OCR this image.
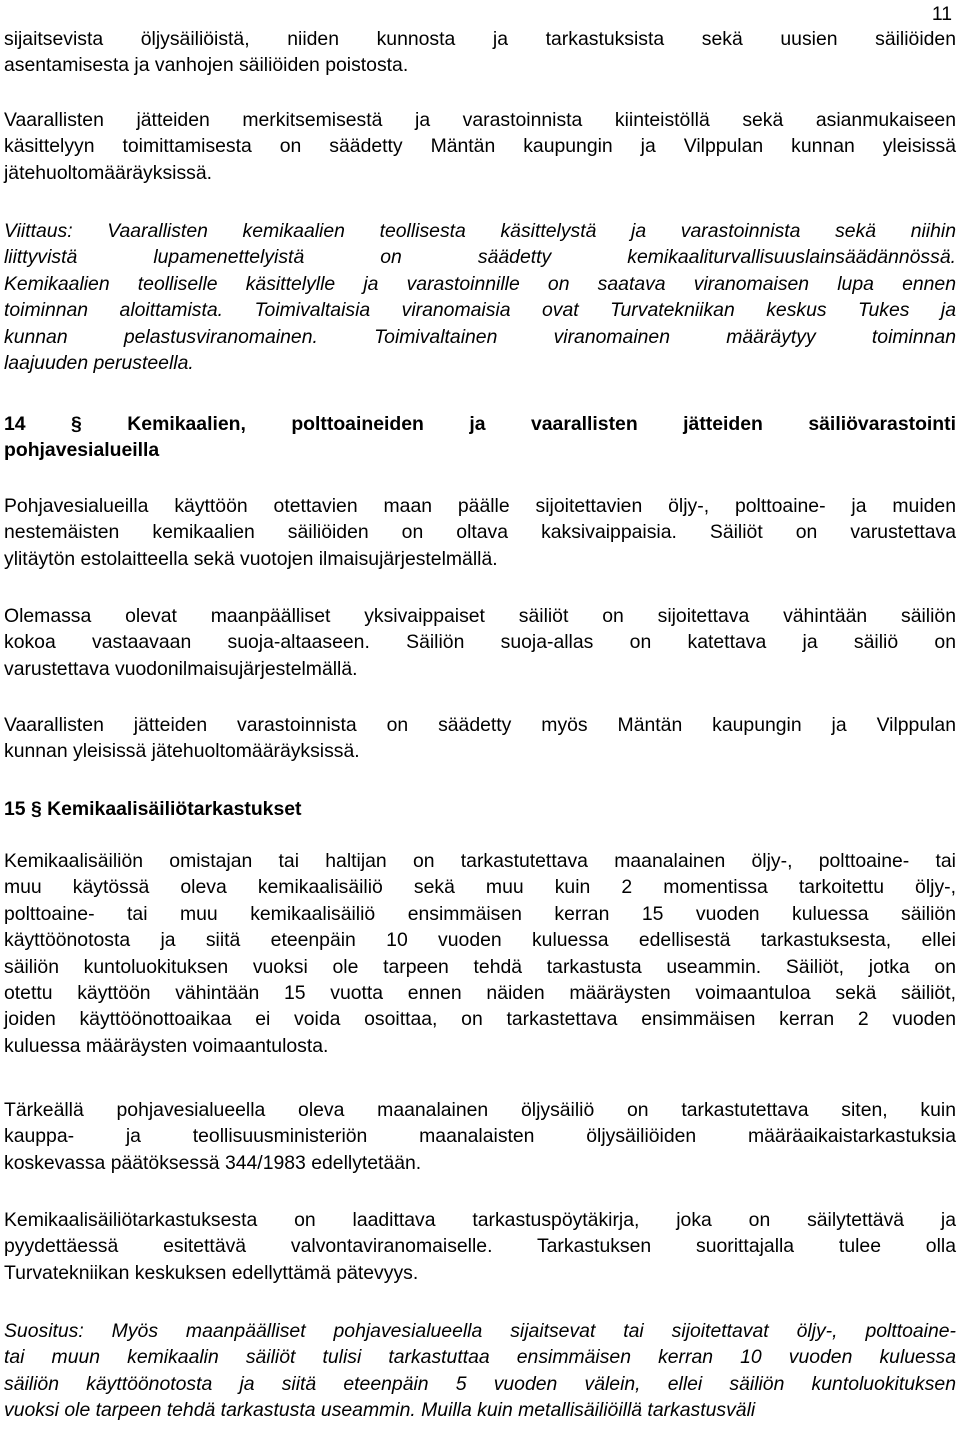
11
sijaitsevista öljysäiliöistä, niiden kunnosta ja tarkastuksista sekä uusien säiliöiden
asentamisesta ja vanhojen säiliöiden poistosta.
Vaarallisten jätteiden merkitsemisestä ja varastoinnista kiinteistöllä sekä asianmukaiseen
käsittelyyn toimittamisesta on säädetty Mäntän kaupungin ja Vilppulan kunnan yleisissä
jätehuoltomääräyksissä.
Viittaus: Vaarallisten kemikaalien teollisesta käsittelystä ja varastoinnista sekä niihin
liittyvistä lupamenettelyistä on säädetty kemikaaliturvallisuuslainsäädännössä.
Kemikaalien teolliselle käsittelylle ja varastoinnille on saatava viranomaisen lupa ennen
toiminnan aloittamista. Toimivaltaisia viranomaisia ovat Turvatekniikan keskus Tukes ja
kunnan pelastusviranomainen. Toimivaltainen viranomainen määräytyy toiminnan
laajuuden perusteella.
14 § Kemikaalien, polttoaineiden ja vaarallisten jätteiden säiliövarastointi
pohjavesialueilla
Pohjavesialueilla käyttöön otettavien maan päälle sijoitettavien öljy-, polttoaine- ja muiden
nestemäisten kemikaalien säiliöiden on oltava kaksivaippaisia. Säiliöt on varustettava
ylitäytön estolaitteella sekä vuotojen ilmaisujärjestelmällä.
Olemassa olevat maanpäälliset yksivaippaiset säiliöt on sijoitettava vähintään säiliön
kokoa vastaavaan suoja-altaaseen. Säiliön suoja-allas on katettava ja säiliö on
varustettava vuodonilmaisujärjestelmällä.
Vaarallisten jätteiden varastoinnista on säädetty myös Mäntän kaupungin ja Vilppulan
kunnan yleisissä jätehuoltomääräyksissä.
15 § Kemikaalisäiliötarkastukset
Kemikaalisäiliön omistajan tai haltijan on tarkastutettava maanalainen öljy-, polttoaine- tai
muu käytössä oleva kemikaalisäiliö sekä muu kuin 2 momentissa tarkoitettu öljy-,
polttoaine- tai muu kemikaalisäiliö ensimmäisen kerran 15 vuoden kuluessa säiliön
käyttöönotosta ja siitä eteenpäin 10 vuoden kuluessa edellisestä tarkastuksesta, ellei
säiliön kuntoluokituksen vuoksi ole tarpeen tehdä tarkastusta useammin. Säiliöt, jotka on
otettu käyttöön vähintään 15 vuotta ennen näiden määräysten voimaantuloa sekä säiliöt,
joiden käyttöönottoaikaa ei voida osoittaa, on tarkastettava ensimmäisen kerran 2 vuoden
kuluessa määräysten voimaantulosta.
Tärkeällä pohjavesialueella oleva maanalainen öljysäiliö on tarkastutettava siten, kuin
kauppa- ja teollisuusministeriön maanalaisten öljysäiliöiden määräaikaistarkastuksia
koskevassa päätöksessä 344/1983 edellytetään.
Kemikaalisäiliötarkastuksesta on laadittava tarkastuspöytäkirja, joka on säilytettävä ja
pyydettäessä esitettävä valvontaviranomaiselle. Tarkastuksen suorittajalla tulee olla
Turvatekniikan keskuksen edellyttämä pätevyys.
Suositus: Myös maanpäälliset pohjavesialueella sijaitsevat tai sijoitettavat öljy-, polttoaine-
tai muun kemikaalin säiliöt tulisi tarkastuttaa ensimmäisen kerran 10 vuoden kuluessa
säiliön käyttöönotosta ja siitä eteenpäin 5 vuoden välein, ellei säiliön kuntoluokituksen
vuoksi ole tarpeen tehdä tarkastusta useammin. Muilla kuin metallisäiliöillä tarkastusväli
